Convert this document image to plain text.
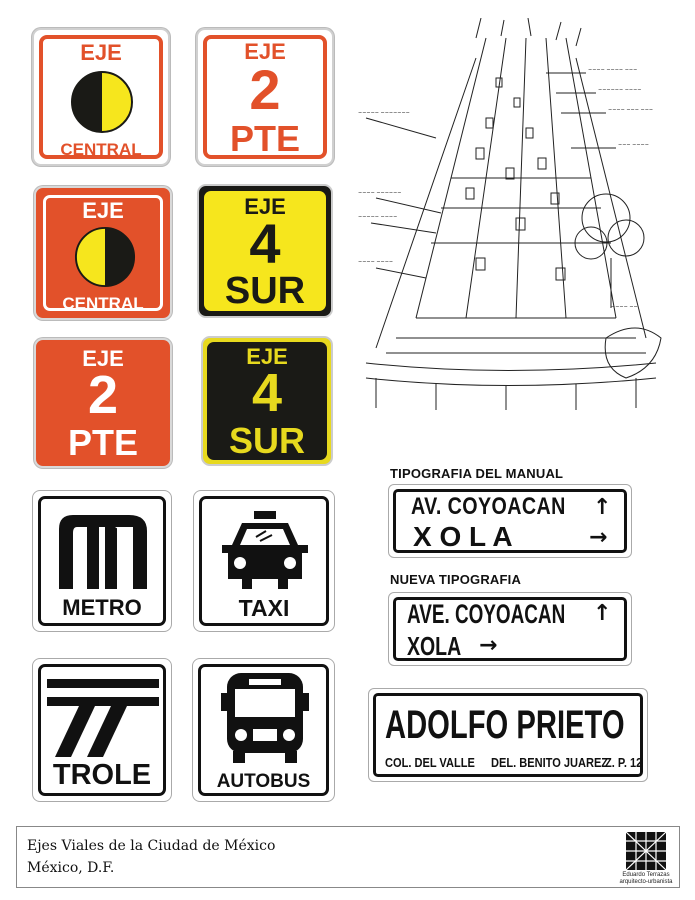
EJE
CENTRAL
EJE
2
PTE
EJE
CENTRAL
EJE
4
SUR
EJE
2
PTE
EJE
4
SUR
METRO	TAXI
TROLE	AUTOBUS
~~~~ ~~~~ ~~~
~~~~~~ ~~~~
~~~~ ~~~ ~~~
~~~ ~~~~
~~~~~ ~~~~~~~
~~~~ ~~~~~~
~~~~~ ~~~~
~~~~ ~~~~
~~~~ ~~
TIPOGRAFIA DEL MANUAL
AV. COYOACAN ↑
X O L A	→
NUEVA TIPOGRAFIA
AVE. COYOACAN ↑
XOLA →
ADOLFO PRIETO
COL. DEL VALLE DEL. BENITO JUAREZ
Z. P. 12
Ejes Viales de la Ciudad de México
México, D.F.	Eduardo Terrazas
arquitecto-urbanista
